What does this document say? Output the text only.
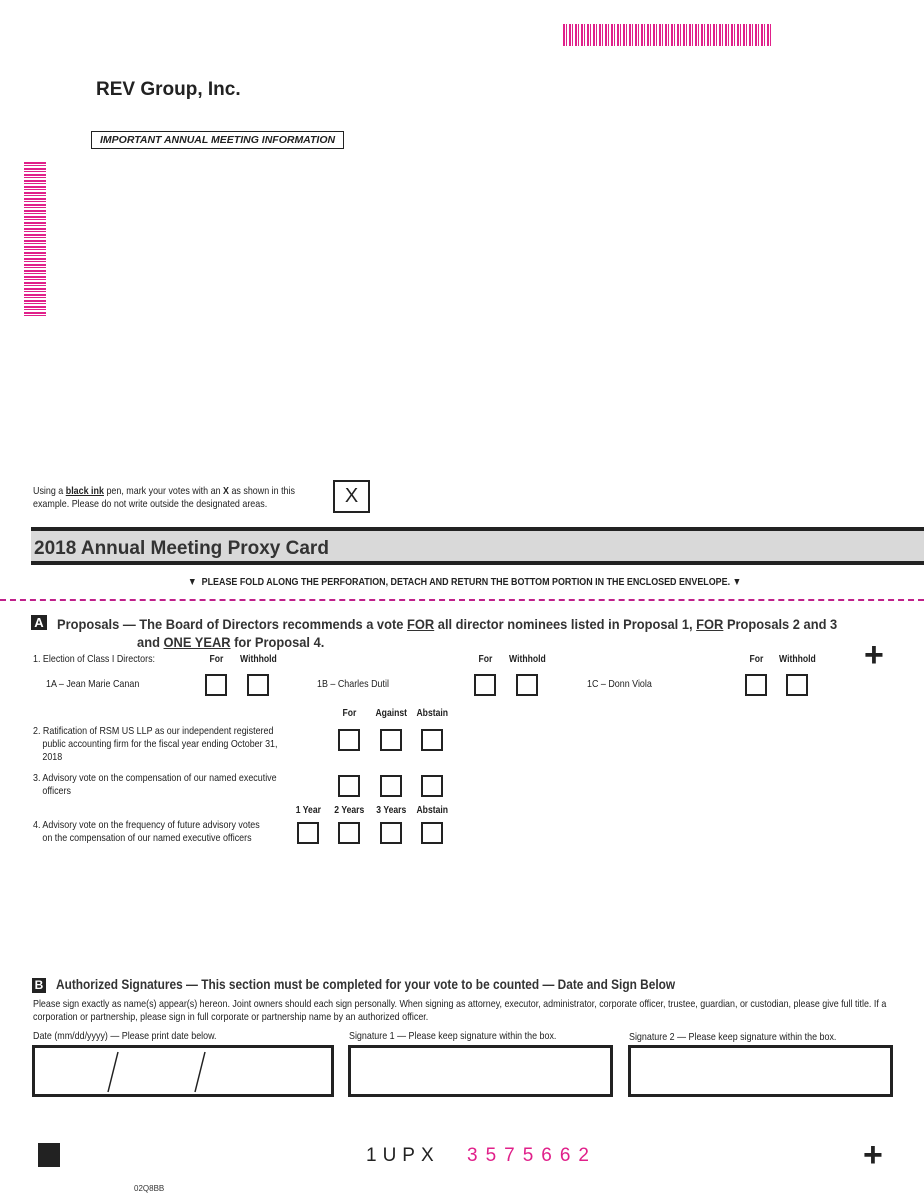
REV Group, Inc.
IMPORTANT ANNUAL MEETING INFORMATION
Using a black ink pen, mark your votes with an X as shown in this example. Please do not write outside the designated areas.	X
2018 Annual Meeting Proxy Card
▼  PLEASE FOLD ALONG THE PERFORATION, DETACH AND RETURN THE BOTTOM PORTION IN THE ENCLOSED ENVELOPE. ▼
A Proposals — The Board of Directors recommends a vote FOR all director nominees listed in Proposal 1, FOR Proposals 2 and 3
and ONE YEAR for Proposal 4.	+
1. Election of Class I Directors:	For	Withhold	For	Withhold	For	Withhold
1A – Jean Marie Canan	1B – Charles Dutil	1C – Donn Viola
For	Against Abstain
2. Ratification of RSM US LLP as our independent registered public accounting firm for the fiscal year ending October 31, 2018
3. Advisory vote on the compensation of our named executive officers
1 Year	2 Years	3 Years Abstain
4. Advisory vote on the frequency of future advisory votes on the compensation of our named executive officers
B Authorized Signatures — This section must be completed for your vote to be counted — Date and Sign Below
Please sign exactly as name(s) appear(s) hereon. Joint owners should each sign personally. When signing as attorney, executor, administrator, corporate officer, trustee, guardian, or custodian, please give full title. If a corporation or partnership, please sign in full corporate or partnership name by an authorized officer.
Date (mm/dd/yyyy) — Please print date below.	Signature 1 — Please keep signature within the box.	Signature 2 — Please keep signature within the box.
1UPX 3575662	+
02Q8BB
